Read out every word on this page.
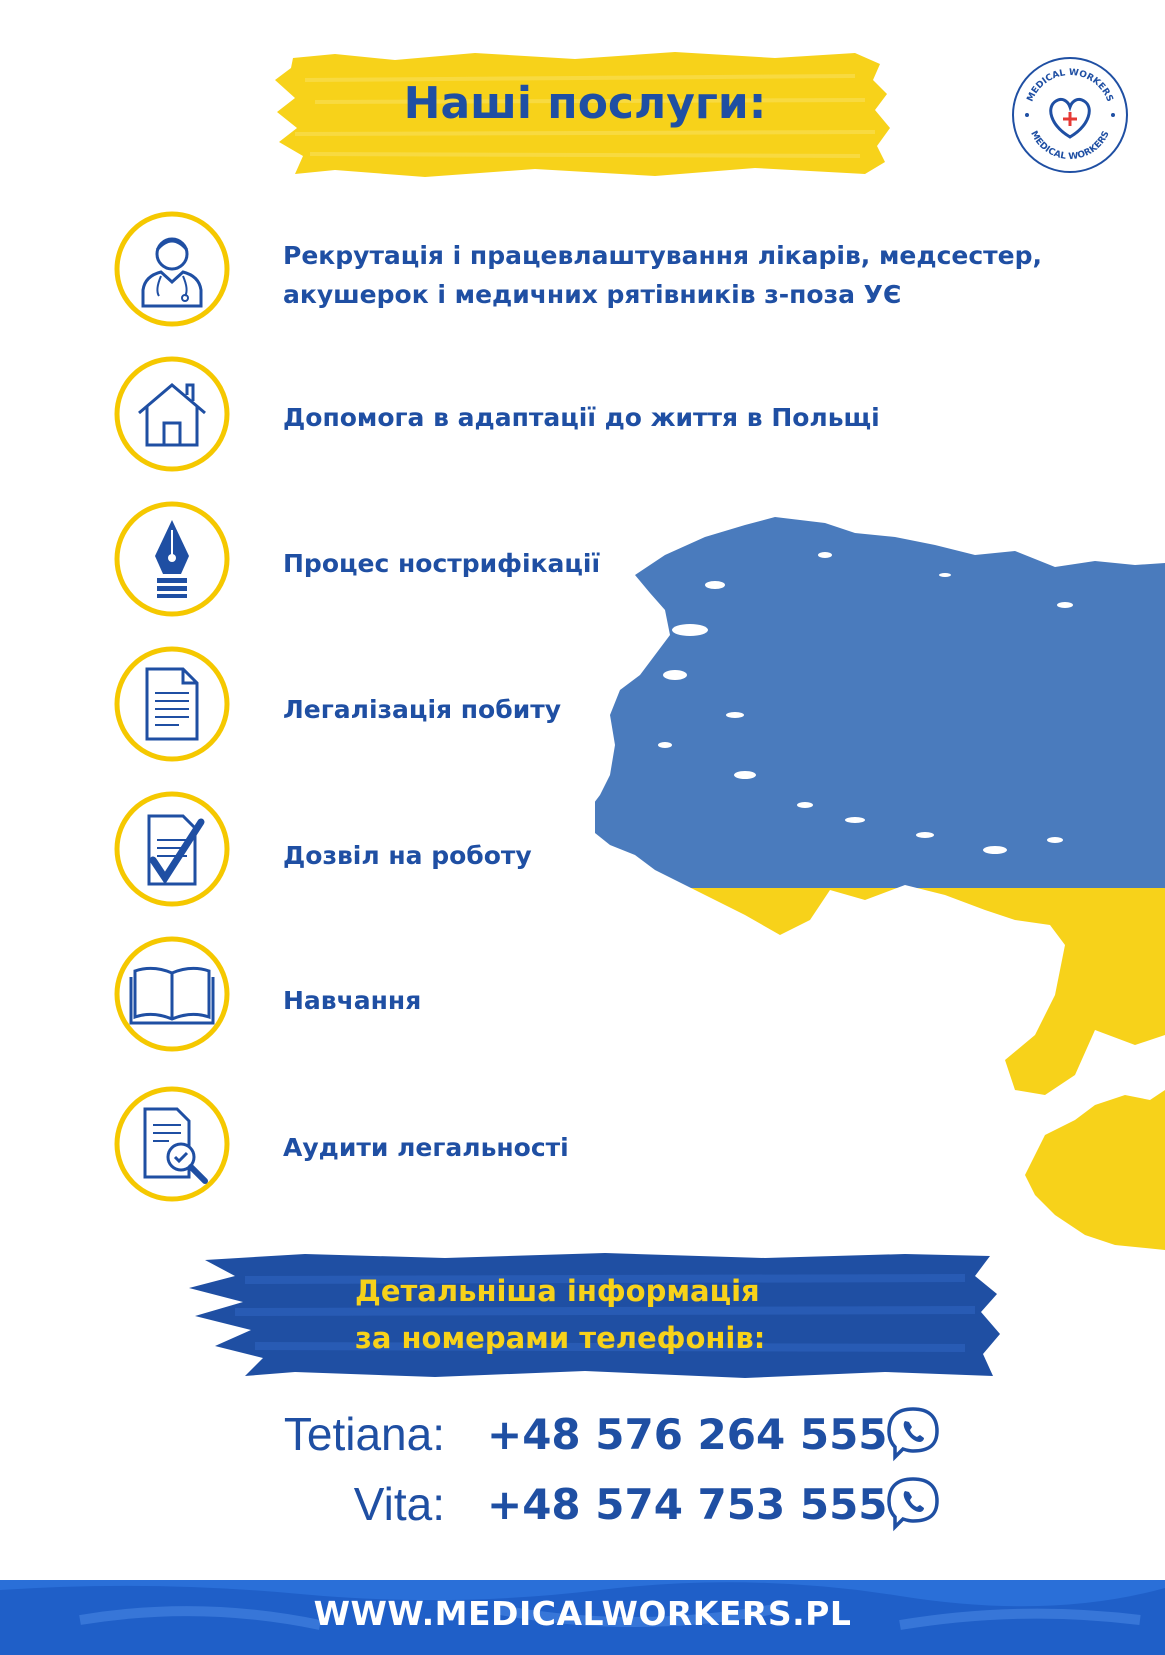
Наші послуги:	MEDICAL WORKERS
MEDICAL WORKERS
Рекрутація і працевлаштування лікарів, медсестер,
акушерок і медичних рятівників з-поза УЄ
Допомога в адаптації до життя в Польщі
Процес нострифікації
Легалізація побиту
Дозвіл на роботу
Навчання
Аудити легальності
Детальніша інформація
за номерами телефонів:
Tetiana: +48 576 264 555
Vita: +48 574 753 555
WWW.MEDICALWORKERS.PL
